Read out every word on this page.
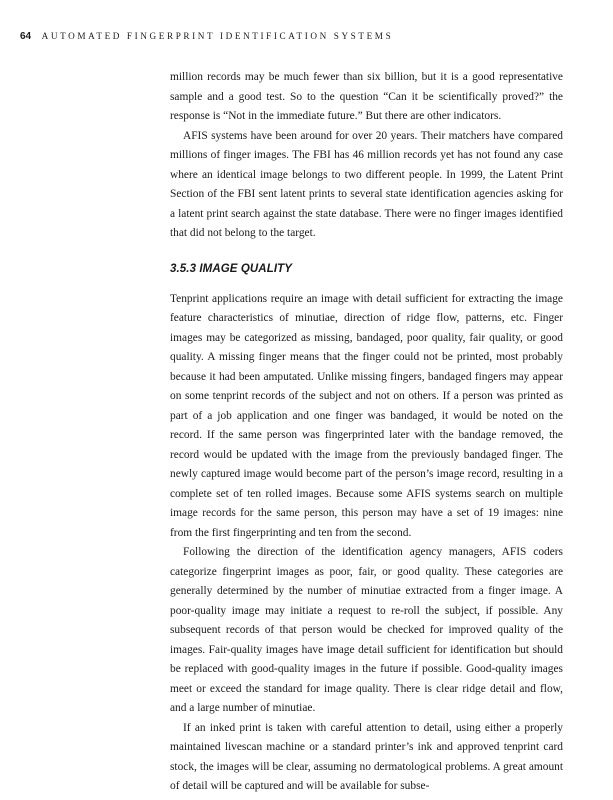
64 AUTOMATED FINGERPRINT IDENTIFICATION SYSTEMS

million records may be much fewer than six billion, but it is a good representative sample and a good test. So to the question “Can it be scientifically proved?” the response is “Not in the immediate future.” But there are other indicators.

AFIS systems have been around for over 20 years. Their matchers have compared millions of finger images. The FBI has 46 million records yet has not found any case where an identical image belongs to two different people. In 1999, the Latent Print Section of the FBI sent latent prints to several state identification agencies asking for a latent print search against the state database. There were no finger images identified that did not belong to the target.

3.5.3 IMAGE QUALITY

Tenprint applications require an image with detail sufficient for extracting the image feature characteristics of minutiae, direction of ridge flow, patterns, etc. Finger images may be categorized as missing, bandaged, poor quality, fair quality, or good quality. A missing finger means that the finger could not be printed, most probably because it had been amputated. Unlike missing fingers, bandaged fingers may appear on some tenprint records of the subject and not on others. If a person was printed as part of a job application and one finger was bandaged, it would be noted on the record. If the same person was fingerprinted later with the bandage removed, the record would be updated with the image from the previously bandaged finger. The newly captured image would become part of the person’s image record, resulting in a complete set of ten rolled images. Because some AFIS systems search on multiple image records for the same person, this person may have a set of 19 images: nine from the first fingerprinting and ten from the second.

Following the direction of the identification agency managers, AFIS coders categorize fingerprint images as poor, fair, or good quality. These categories are generally determined by the number of minutiae extracted from a finger image. A poor-quality image may initiate a request to re-roll the subject, if possible. Any subsequent records of that person would be checked for improved quality of the images. Fair-quality images have image detail sufficient for identification but should be replaced with good-quality images in the future if possible. Good-quality images meet or exceed the standard for image quality. There is clear ridge detail and flow, and a large number of minutiae.

If an inked print is taken with careful attention to detail, using either a properly maintained livescan machine or a standard printer’s ink and approved tenprint card stock, the images will be clear, assuming no dermatological problems. A great amount of detail will be captured and will be available for subse-
